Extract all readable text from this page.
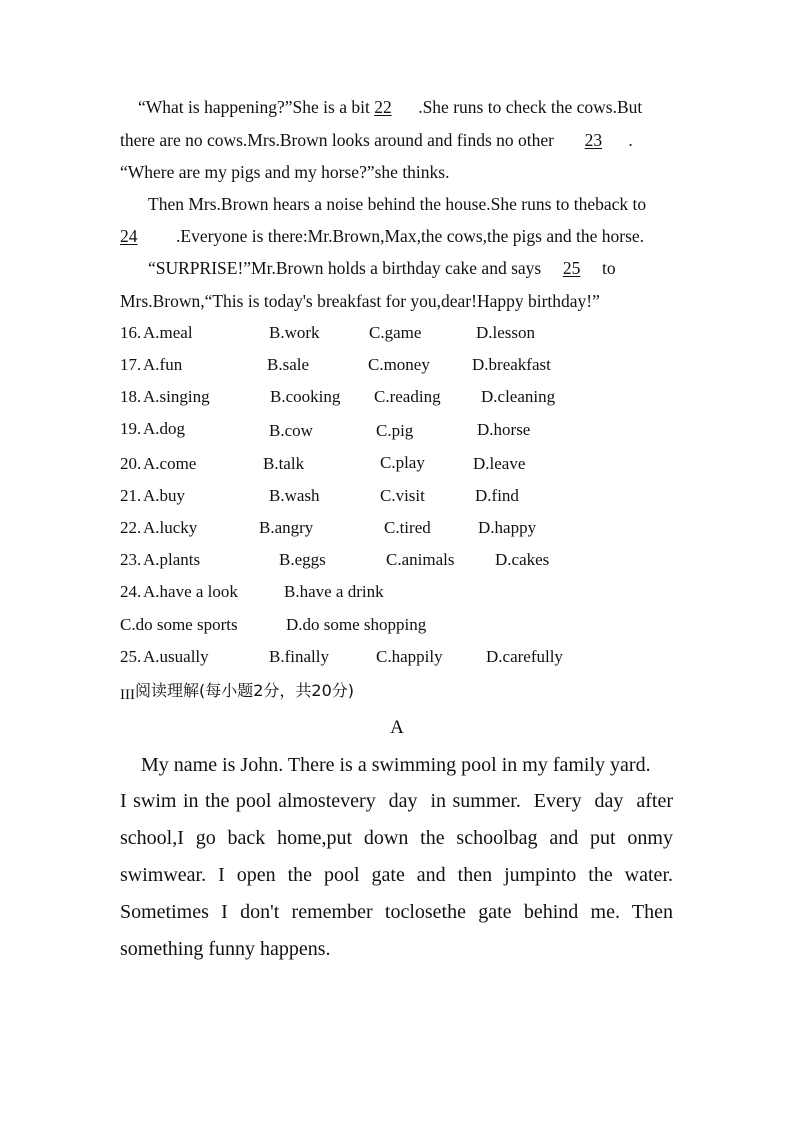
“What is happening?”She is a bit 22 .She runs to check the cows.But
there are no cows.Mrs.Brown looks around and finds no other 23 .
“Where are my pigs and my horse?”she thinks.
Then Mrs.Brown hears a noise behind the house.She runs to theback to
24 .Everyone is there:Mr.Brown,Max,the cows,the pigs and the horse.
“SURPRISE!”Mr.Brown holds a birthday cake and says 25 to
Mrs.Brown,“This is today's breakfast for you,dear!Happy birthday!”
16. A.meal	B.work	C.game	D.lesson
17. A.fun	B.sale	C.money D.breakfast
18. A.singing	B.cooking C.reading D.cleaning
19. A.dog	B.cow	C.pig	D.horse
20. A.come	B.talk	C.play	D.leave
21. A.buy	B.wash	C.visit	D.find
22. A.lucky	B.angry	C.tired	D.happy
23. A.plants	B.eggs	C.animals D.cakes
24. A.have a look	B.have a drink
C.do some sports	D.do some shopping
25. A.usually	B.finally	C.happily	D.carefully
III阅读理解(每小题2分，共20分)
A
My name is John. There is a swimming pool in my family yard.
I swim in the pool almostevery  day  in summer.  Every  day  after
school,I  go  back  home,put  down  the  schoolbag  and  put  onmy
swimwear.  I  open  the  pool  gate  and  then  jumpinto  the  water.
Sometimes  I  don't  remember  toclosethe  gate  behind  me.  Then
something funny happens.
